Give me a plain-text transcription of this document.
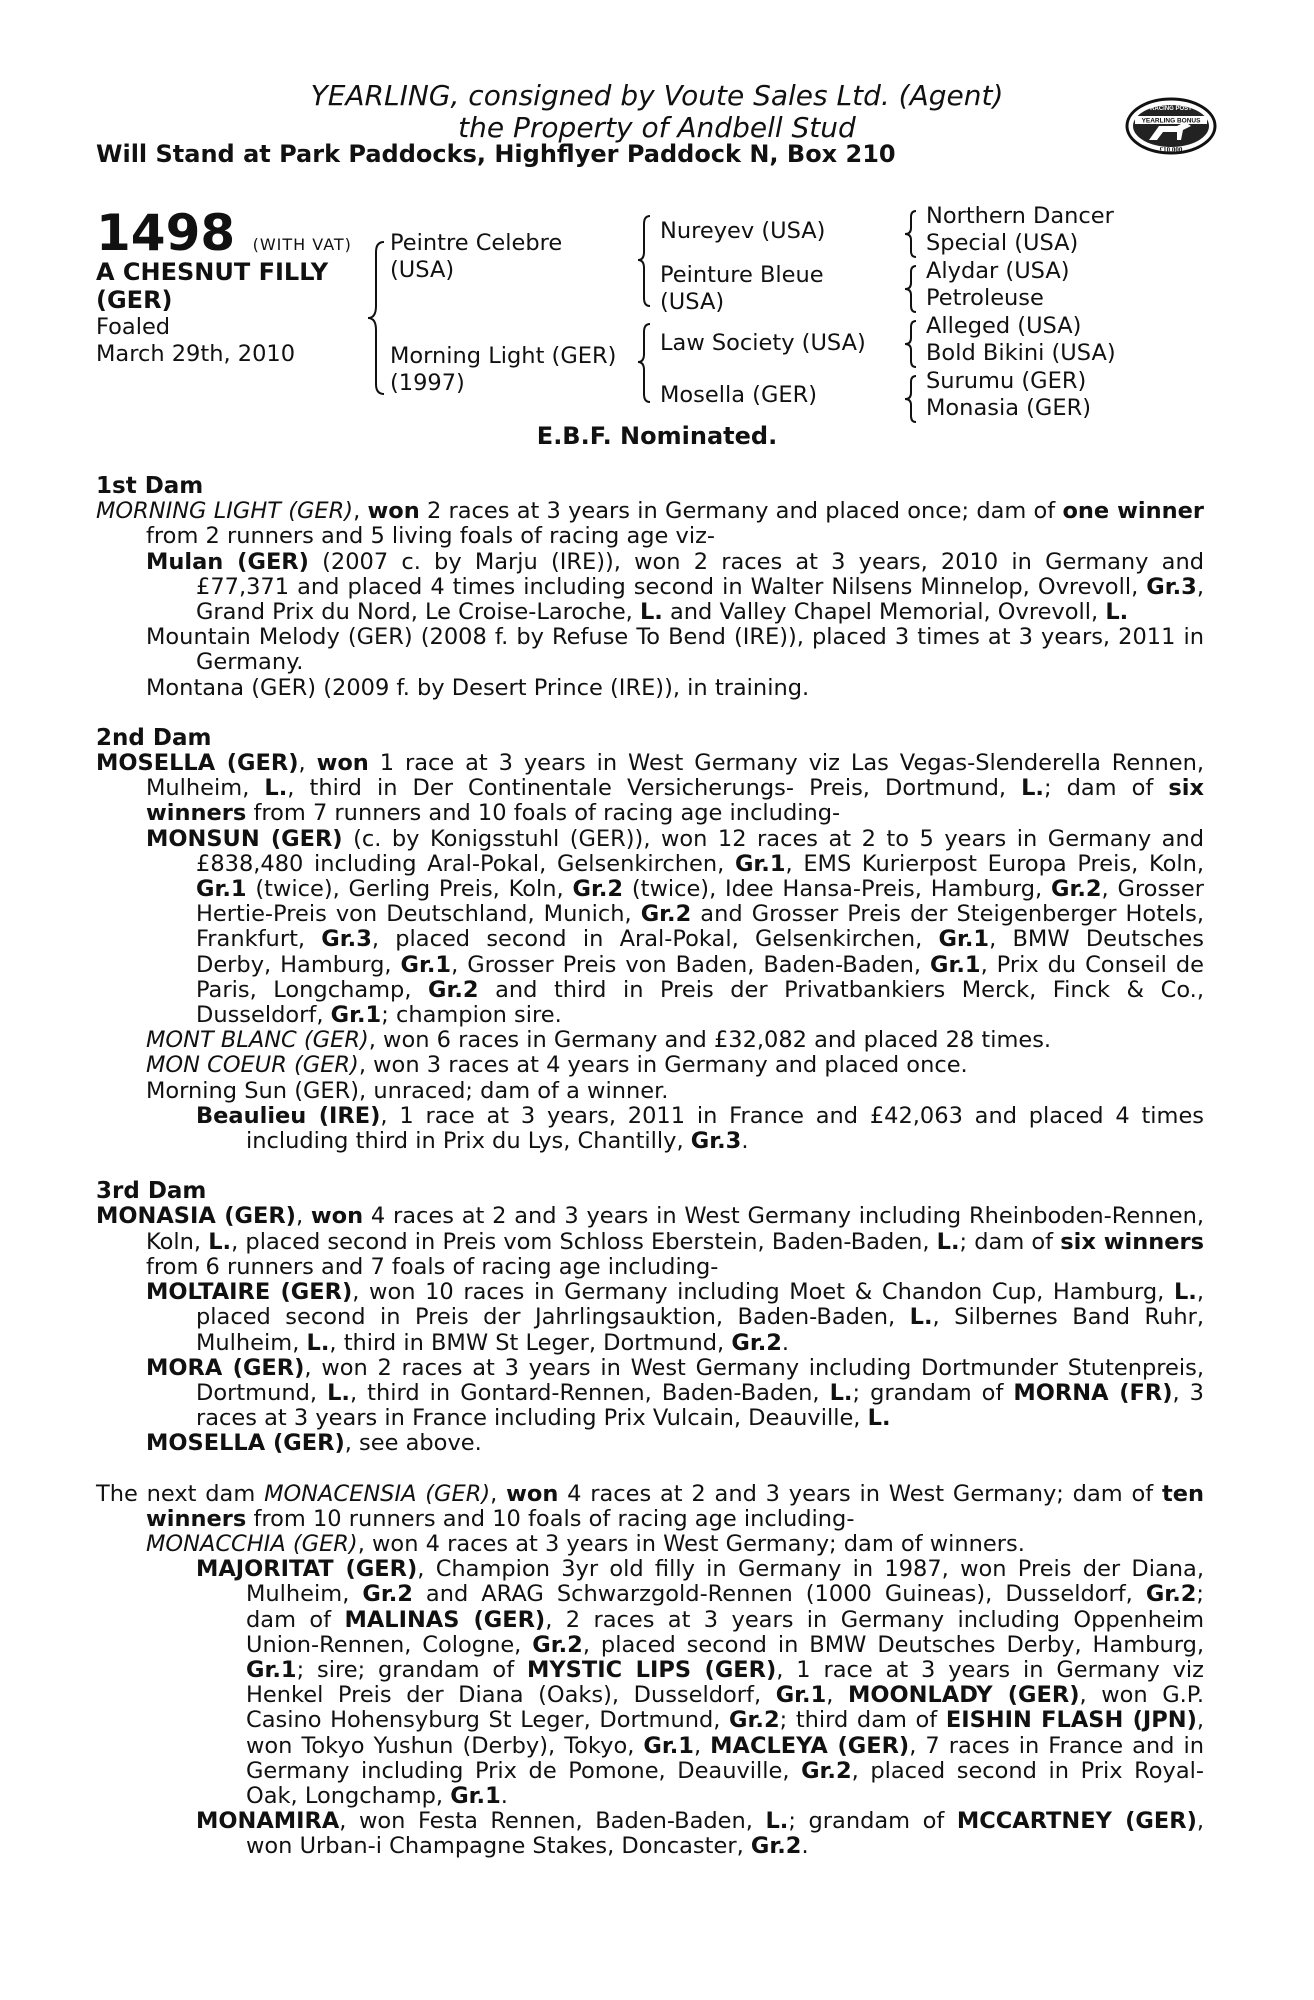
YEARLING, consigned by Voute Sales Ltd. (Agent)
the Property of Andbell Stud
Will Stand at Park Paddocks, Highflyer Paddock N, Box 210
RACING POST
YEARLING BONUS
£10,000
1498 (WITH VAT)
A CHESNUT FILLY
(GER)
Foaled
March 29th, 2010
Peintre Celebre
(USA)
Morning Light (GER)
(1997)
Nureyev (USA)
Peinture Bleue
(USA)
Law Society (USA)
Mosella (GER)
Northern Dancer
Special (USA)
Alydar (USA)
Petroleuse
Alleged (USA)
Bold Bikini (USA)
Surumu (GER)
Monasia (GER)
E.B.F. Nominated.
1st Dam

MORNING LIGHT (GER), won 2 races at 3 years in Germany and placed once; dam of one winner from 2 runners and 5 living foals of racing age viz-

Mulan (GER) (2007 c. by Marju (IRE)), won 2 races at 3 years, 2010 in Germany and £77,371 and placed 4 times including second in Walter Nilsens Minnelop, Ovrevoll, Gr.3, Grand Prix du Nord, Le Croise-Laroche, L. and Valley Chapel Memorial, Ovrevoll, L.

Mountain Melody (GER) (2008 f. by Refuse To Bend (IRE)), placed 3 times at 3 years, 2011 in Germany.

Montana (GER) (2009 f. by Desert Prince (IRE)), in training.

2nd Dam

MOSELLA (GER), won 1 race at 3 years in West Germany viz Las Vegas-Slenderella Rennen, Mulheim, L., third in Der Continentale Versicherungs- Preis, Dortmund, L.; dam of six winners from 7 runners and 10 foals of racing age including-

MONSUN (GER) (c. by Konigsstuhl (GER)), won 12 races at 2 to 5 years in Germany and £838,480 including Aral-Pokal, Gelsenkirchen, Gr.1, EMS Kurierpost Europa Preis, Koln, Gr.1 (twice), Gerling Preis, Koln, Gr.2 (twice), Idee Hansa-Preis, Hamburg, Gr.2, Grosser Hertie-Preis von Deutschland, Munich, Gr.2 and Grosser Preis der Steigenberger Hotels, Frankfurt, Gr.3, placed second in Aral-Pokal, Gelsenkirchen, Gr.1, BMW Deutsches Derby, Hamburg, Gr.1, Grosser Preis von Baden, Baden-Baden, Gr.1, Prix du Conseil de Paris, Longchamp, Gr.2 and third in Preis der Privatbankiers Merck, Finck & Co., Dusseldorf, Gr.1; champion sire.

MONT BLANC (GER), won 6 races in Germany and £32,082 and placed 28 times.

MON COEUR (GER), won 3 races at 4 years in Germany and placed once.

Morning Sun (GER), unraced; dam of a winner.

Beaulieu (IRE), 1 race at 3 years, 2011 in France and £42,063 and placed 4 times including third in Prix du Lys, Chantilly, Gr.3.

3rd Dam

MONASIA (GER), won 4 races at 2 and 3 years in West Germany including Rheinboden-Rennen, Koln, L., placed second in Preis vom Schloss Eberstein, Baden-Baden, L.; dam of six winners from 6 runners and 7 foals of racing age including-

MOLTAIRE (GER), won 10 races in Germany including Moet & Chandon Cup, Hamburg, L., placed second in Preis der Jahrlingsauktion, Baden-Baden, L., Silbernes Band Ruhr, Mulheim, L., third in BMW St Leger, Dortmund, Gr.2.

MORA (GER), won 2 races at 3 years in West Germany including Dortmunder Stutenpreis, Dortmund, L., third in Gontard-Rennen, Baden-Baden, L.; grandam of MORNA (FR), 3 races at 3 years in France including Prix Vulcain, Deauville, L.

MOSELLA (GER), see above.

The next dam MONACENSIA (GER), won 4 races at 2 and 3 years in West Germany; dam of ten winners from 10 runners and 10 foals of racing age including-

MONACCHIA (GER), won 4 races at 3 years in West Germany; dam of winners.

MAJORITAT (GER), Champion 3yr old filly in Germany in 1987, won Preis der Diana, Mulheim, Gr.2 and ARAG Schwarzgold-Rennen (1000 Guineas), Dusseldorf, Gr.2; dam of MALINAS (GER), 2 races at 3 years in Germany including Oppenheim Union-Rennen, Cologne, Gr.2, placed second in BMW Deutsches Derby, Hamburg, Gr.1; sire; grandam of MYSTIC LIPS (GER), 1 race at 3 years in Germany viz Henkel Preis der Diana (Oaks), Dusseldorf, Gr.1, MOONLADY (GER), won G.P. Casino Hohensyburg St Leger, Dortmund, Gr.2; third dam of EISHIN FLASH (JPN), won Tokyo Yushun (Derby), Tokyo, Gr.1, MACLEYA (GER), 7 races in France and in Germany including Prix de Pomone, Deauville, Gr.2, placed second in Prix Royal-Oak, Longchamp, Gr.1.

MONAMIRA, won Festa Rennen, Baden-Baden, L.; grandam of MCCARTNEY (GER), won Urban-i Champagne Stakes, Doncaster, Gr.2.
